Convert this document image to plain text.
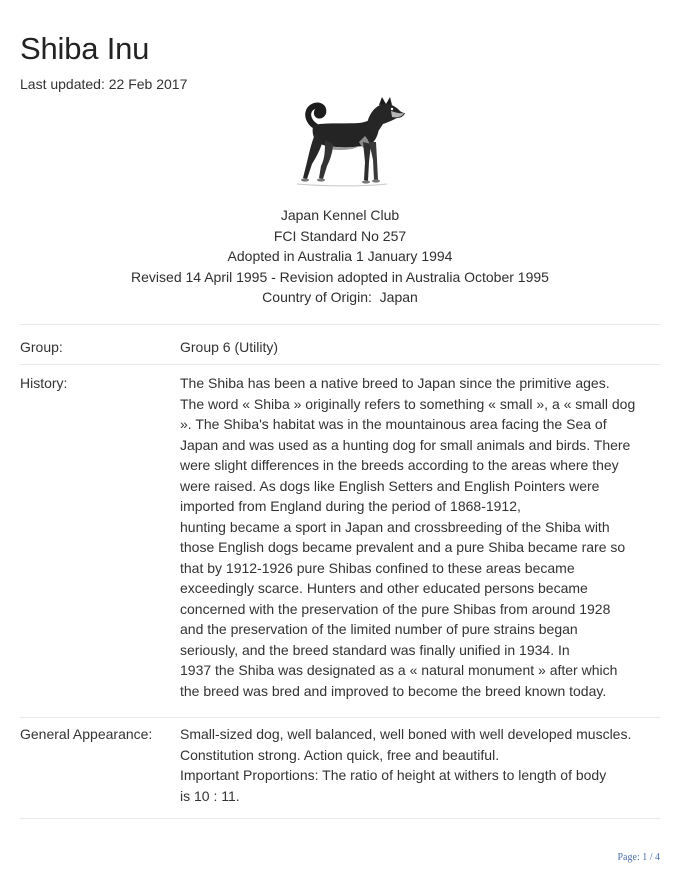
Shiba Inu
Last updated: 22 Feb 2017
Japan Kennel Club
FCI Standard No 257
Adopted in Australia 1 January 1994
Revised 14 April 1995 - Revision adopted in Australia October 1995
Country of Origin:  Japan
Group:	Group 6 (Utility)
History:	The Shiba has been a native breed to Japan since the primitive ages.
The word « Shiba » originally refers to something « small », a « small dog
». The Shiba's habitat was in the mountainous area facing the Sea of
Japan and was used as a hunting dog for small animals and birds. There
were slight differences in the breeds according to the areas where they
were raised. As dogs like English Setters and English Pointers were
imported from England during the period of 1868-1912,
hunting became a sport in Japan and crossbreeding of the Shiba with
those English dogs became prevalent and a pure Shiba became rare so
that by 1912-1926 pure Shibas confined to these areas became
exceedingly scarce. Hunters and other educated persons became
concerned with the preservation of the pure Shibas from around 1928
and the preservation of the limited number of pure strains began
seriously, and the breed standard was finally unified in 1934. In
1937 the Shiba was designated as a « natural monument » after which
the breed was bred and improved to become the breed known today.
General Appearance: Small-sized dog, well balanced, well boned with well developed muscles.
Constitution strong. Action quick, free and beautiful.
Important Proportions: The ratio of height at withers to length of body
is 10 : 11.
Page: 1 / 4
